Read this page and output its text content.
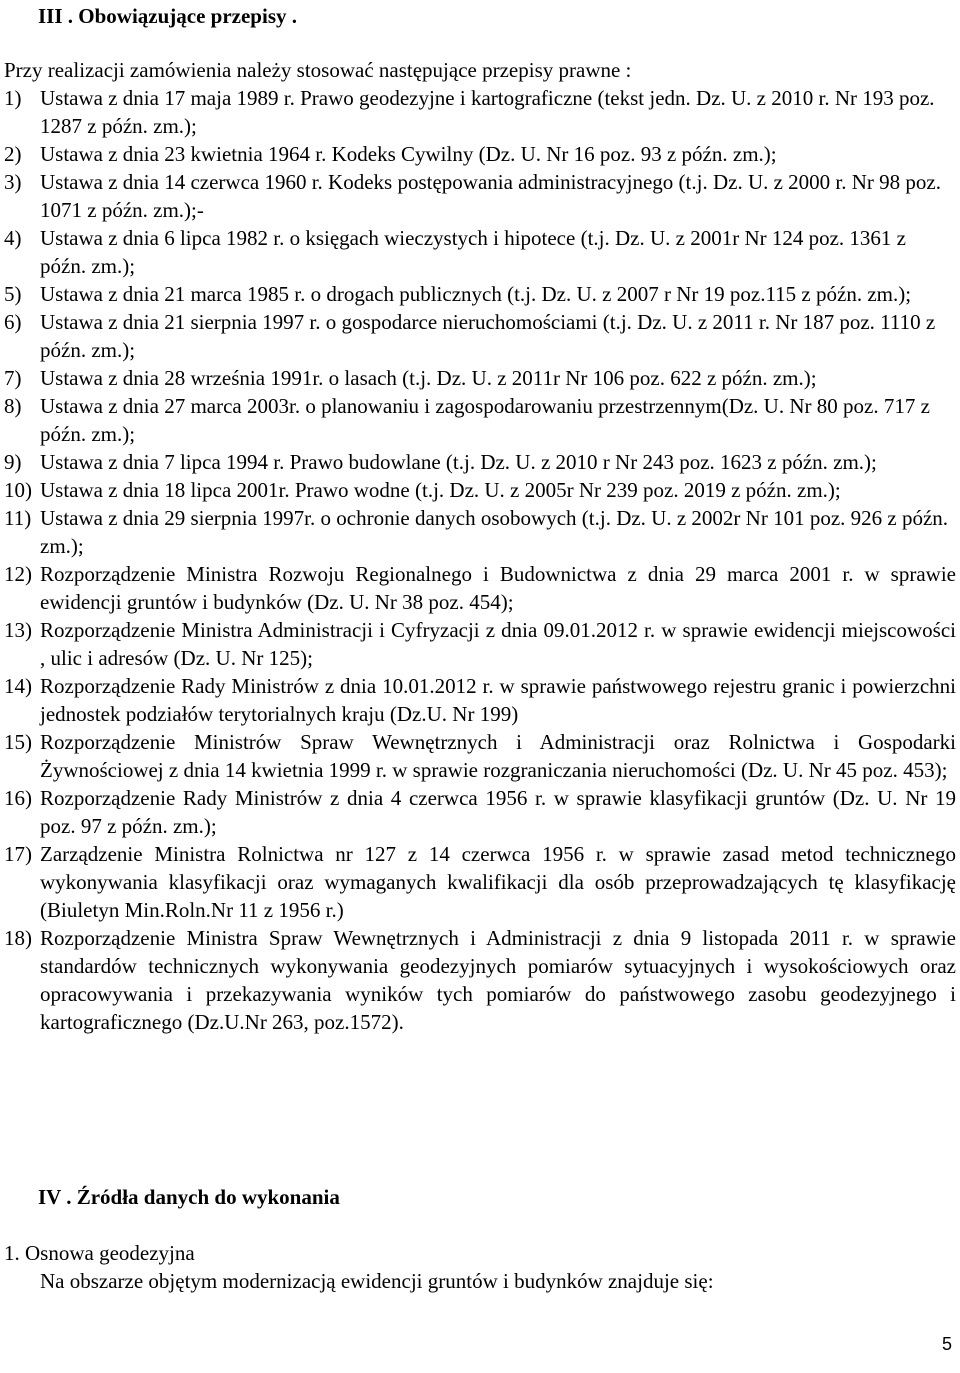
III . Obowiązujące przepisy .

Przy realizacji zamówienia należy stosować następujące przepisy prawne :

1) Ustawa z dnia 17 maja 1989 r. Prawo geodezyjne i kartograficzne (tekst jedn. Dz. U. z 2010 r. Nr 193 poz. 1287 z późn. zm.);
2) Ustawa z dnia 23 kwietnia 1964 r. Kodeks Cywilny (Dz. U. Nr 16 poz. 93 z późn. zm.);
3) Ustawa z dnia 14 czerwca 1960 r. Kodeks postępowania administracyjnego (t.j. Dz. U. z 2000 r. Nr 98 poz. 1071 z późn. zm.);-
4) Ustawa z dnia 6 lipca 1982 r. o księgach wieczystych i hipotece (t.j. Dz. U. z 2001r Nr 124 poz. 1361 z późn. zm.);
5) Ustawa z dnia 21 marca 1985 r. o drogach publicznych (t.j. Dz. U. z 2007 r Nr 19 poz.115 z późn. zm.);
6) Ustawa z dnia 21 sierpnia 1997 r. o gospodarce nieruchomościami (t.j. Dz. U. z 2011 r. Nr 187 poz. 1110 z późn. zm.);
7) Ustawa z dnia 28 września 1991r. o lasach (t.j. Dz. U. z 2011r Nr 106 poz. 622 z późn. zm.);
8) Ustawa z dnia 27 marca 2003r. o planowaniu i zagospodarowaniu przestrzennym(Dz. U. Nr 80 poz. 717 z późn. zm.);
9) Ustawa z dnia 7 lipca 1994 r. Prawo budowlane (t.j. Dz. U. z 2010 r Nr 243 poz. 1623 z późn. zm.);
10) Ustawa z dnia 18 lipca 2001r. Prawo wodne (t.j. Dz. U. z 2005r Nr 239 poz. 2019 z późn. zm.);
11) Ustawa z dnia 29 sierpnia 1997r. o ochronie danych osobowych (t.j. Dz. U. z 2002r Nr 101 poz. 926 z późn. zm.);
12) Rozporządzenie Ministra Rozwoju Regionalnego i Budownictwa z dnia 29 marca 2001 r. w sprawie ewidencji gruntów i budynków (Dz. U. Nr 38 poz. 454);
13) Rozporządzenie Ministra Administracji i Cyfryzacji z dnia 09.01.2012 r. w sprawie ewidencji miejscowości , ulic i adresów (Dz. U. Nr 125);
14) Rozporządzenie Rady Ministrów z dnia 10.01.2012 r. w sprawie państwowego rejestru granic i powierzchni jednostek podziałów terytorialnych kraju (Dz.U. Nr 199)
15) Rozporządzenie Ministrów Spraw Wewnętrznych i Administracji oraz Rolnictwa i Gospodarki Żywnościowej z dnia 14 kwietnia 1999 r. w sprawie rozgraniczania nieruchomości (Dz. U. Nr 45 poz. 453);
16) Rozporządzenie Rady Ministrów z dnia 4 czerwca 1956 r. w sprawie klasyfikacji gruntów (Dz. U. Nr 19 poz. 97 z późn. zm.);
17) Zarządzenie Ministra Rolnictwa nr 127 z 14 czerwca 1956 r. w sprawie zasad metod technicznego wykonywania klasyfikacji oraz wymaganych kwalifikacji dla osób przeprowadzających tę klasyfikację (Biuletyn Min.Roln.Nr 11 z 1956 r.)
18) Rozporządzenie Ministra Spraw Wewnętrznych i Administracji z dnia 9 listopada 2011 r. w sprawie standardów technicznych wykonywania geodezyjnych pomiarów sytuacyjnych i wysokościowych oraz opracowywania i przekazywania wyników tych pomiarów do państwowego zasobu geodezyjnego i kartograficznego (Dz.U.Nr 263, poz.1572).
IV . Źródła danych do wykonania

1. Osnowa geodezyjna

Na obszarze objętym modernizacją ewidencji gruntów i budynków znajduje się:

5
